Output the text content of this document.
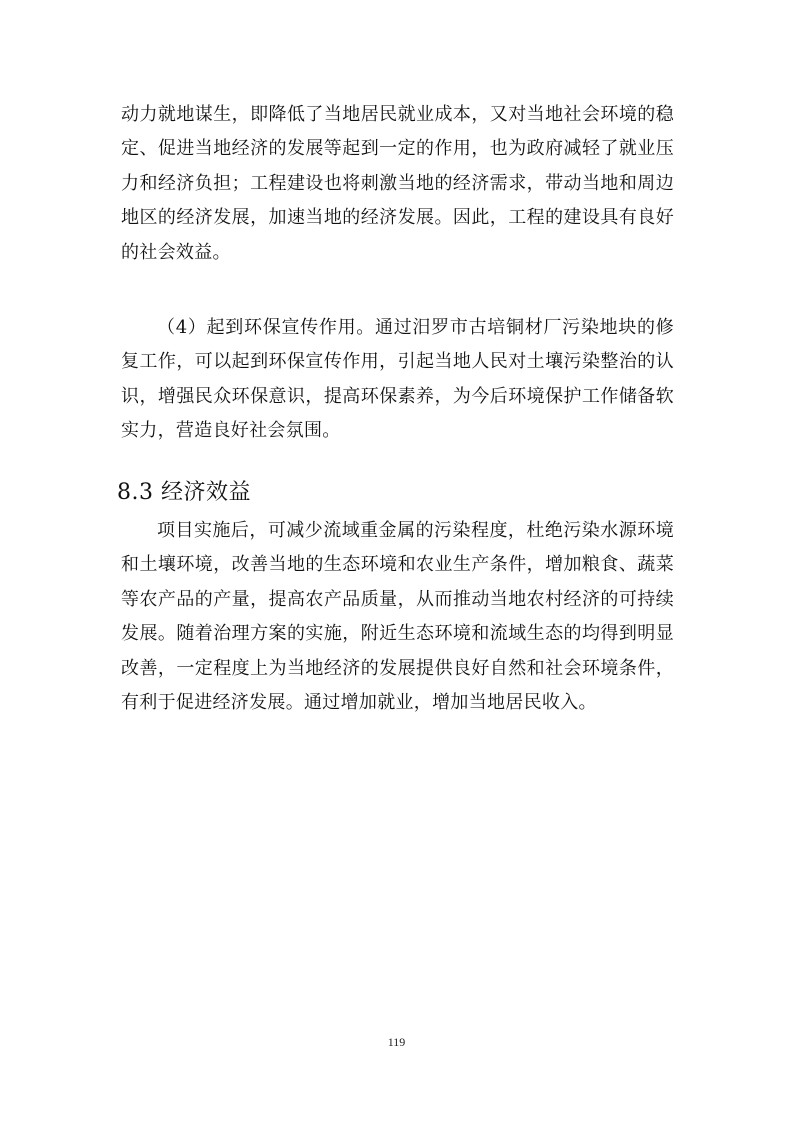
动力就地谋生，即降低了当地居民就业成本，又对当地社会环境的稳定、促进当地经济的发展等起到一定的作用，也为政府减轻了就业压力和经济负担；工程建设也将刺激当地的经济需求，带动当地和周边地区的经济发展，加速当地的经济发展。因此，工程的建设具有良好的社会效益。

（4）起到环保宣传作用。通过汨罗市古培铜材厂污染地块的修复工作，可以起到环保宣传作用，引起当地人民对土壤污染整治的认识，增强民众环保意识，提高环保素养，为今后环境保护工作储备软实力，营造良好社会氛围。

8.3 经济效益

项目实施后，可减少流域重金属的污染程度，杜绝污染水源环境和土壤环境，改善当地的生态环境和农业生产条件，增加粮食、蔬菜等农产品的产量，提高农产品质量，从而推动当地农村经济的可持续发展。随着治理方案的实施，附近生态环境和流域生态的均得到明显改善，一定程度上为当地经济的发展提供良好自然和社会环境条件，有利于促进经济发展。通过增加就业，增加当地居民收入。

119
